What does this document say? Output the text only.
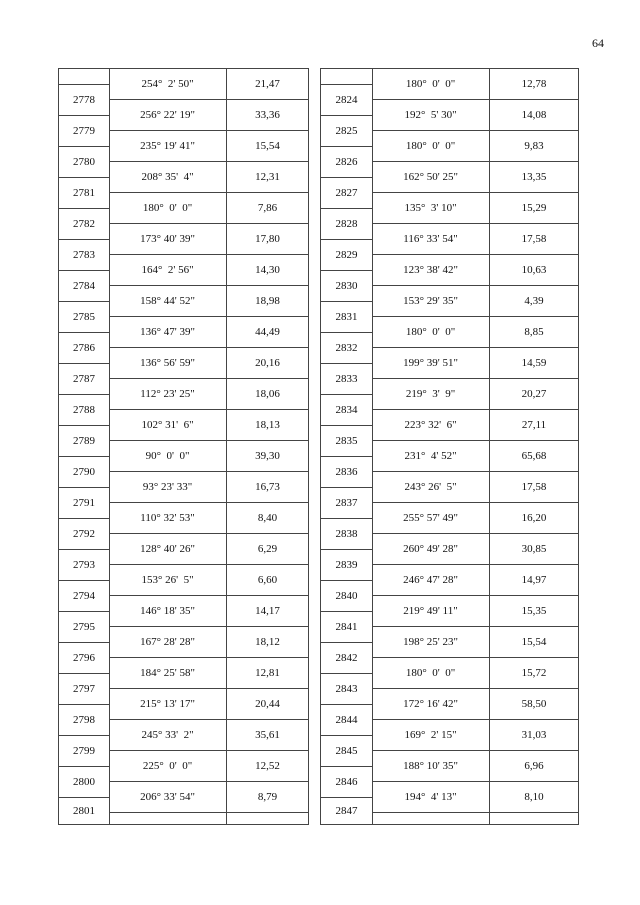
64
2778
2779
2780
2781
2782
2783
2784
2785
2786
2787
2788
2789
2790
2791
2792
2793
2794
2795
2796
2797
2798
2799
2800
2801
254°  2' 50"
256° 22' 19"
235° 19' 41"
208° 35'  4"
180°  0'  0"
173° 40' 39"
164°  2' 56"
158° 44' 52"
136° 47' 39"
136° 56' 59"
112° 23' 25"
102° 31'  6"
90°  0'  0"
93° 23' 33"
110° 32' 53"
128° 40' 26"
153° 26'  5"
146° 18' 35"
167° 28' 28"
184° 25' 58"
215° 13' 17"
245° 33'  2"
225°  0'  0"
206° 33' 54"
21,47
33,36
15,54
12,31
7,86
17,80
14,30
18,98
44,49
20,16
18,06
18,13
39,30
16,73
8,40
6,29
6,60
14,17
18,12
12,81
20,44
35,61
12,52
8,79
2824
2825
2826
2827
2828
2829
2830
2831
2832
2833
2834
2835
2836
2837
2838
2839
2840
2841
2842
2843
2844
2845
2846
2847
180°  0'  0"
192°  5' 30"
180°  0'  0"
162° 50' 25"
135°  3' 10"
116° 33' 54"
123° 38' 42"
153° 29' 35"
180°  0'  0"
199° 39' 51"
219°  3'  9"
223° 32'  6"
231°  4' 52"
243° 26'  5"
255° 57' 49"
260° 49' 28"
246° 47' 28"
219° 49' 11"
198° 25' 23"
180°  0'  0"
172° 16' 42"
169°  2' 15"
188° 10' 35"
194°  4' 13"
12,78
14,08
9,83
13,35
15,29
17,58
10,63
4,39
8,85
14,59
20,27
27,11
65,68
17,58
16,20
30,85
14,97
15,35
15,54
15,72
58,50
31,03
6,96
8,10
